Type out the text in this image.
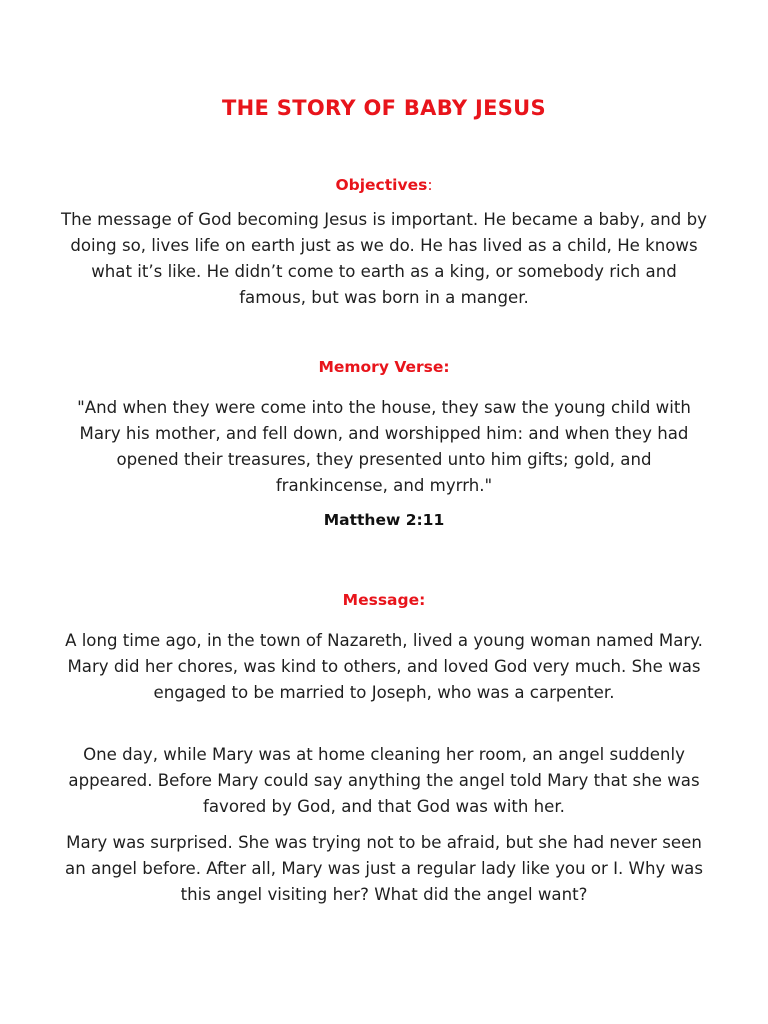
THE STORY OF BABY JESUS
Objectives:

The message of God becoming Jesus is important. He became a baby, and by doing so, lives life on earth just as we do. He has lived as a child, He knows what it’s like. He didn’t come to earth as a king, or somebody rich and famous, but was born in a manger.

Memory Verse:

"And when they were come into the house, they saw the young child with Mary his mother, and fell down, and worshipped him: and when they had opened their treasures, they presented unto him gifts; gold, and frankincense, and myrrh."

Matthew 2:11

Message:

A long time ago, in the town of Nazareth, lived a young woman named Mary. Mary did her chores, was kind to others, and loved God very much. She was engaged to be married to Joseph, who was a carpenter.

One day, while Mary was at home cleaning her room, an angel suddenly appeared. Before Mary could say anything the angel told Mary that she was favored by God, and that God was with her.

Mary was surprised. She was trying not to be afraid, but she had never seen an angel before. After all, Mary was just a regular lady like you or I. Why was this angel visiting her? What did the angel want?
